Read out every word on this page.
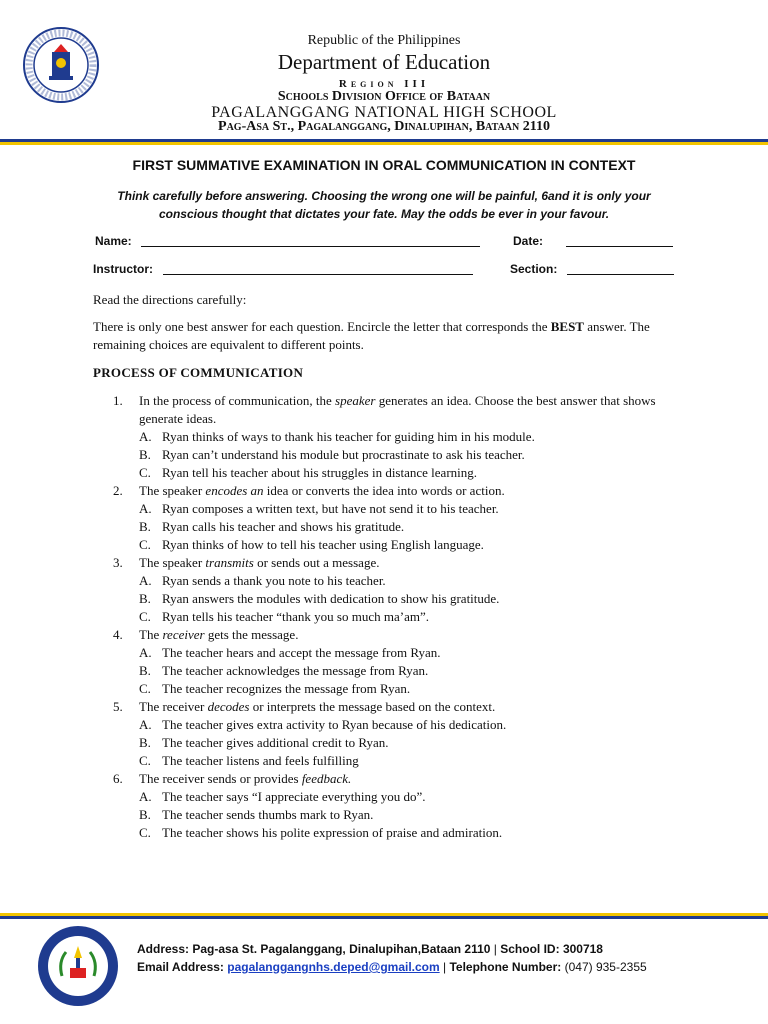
Republic of the Philippines
Department of Education
Region III
Schools Division Office of Bataan
PAGALANGGANG NATIONAL HIGH SCHOOL
Pag-Asa St., Pagalanggang, Dinalupihan, Bataan 2110
FIRST SUMMATIVE EXAMINATION IN ORAL COMMUNICATION IN CONTEXT
Think carefully before answering. Choosing the wrong one will be painful, 6and it is only your conscious thought that dictates your fate. May the odds be ever in your favour.
Name:	Date:
Instructor:	Section:
Read the directions carefully:
There is only one best answer for each question. Encircle the letter that corresponds the BEST answer. The remaining choices are equivalent to different points.
PROCESS OF COMMUNICATION
1.	In the process of communication, the speaker generates an idea. Choose the best answer that shows generate ideas.
A. Ryan thinks of ways to thank his teacher for guiding him in his module.
B. Ryan can’t understand his module but procrastinate to ask his teacher.
C. Ryan tell his teacher about his struggles in distance learning.
2.	The speaker encodes an idea or converts the idea into words or action.
A. Ryan composes a written text, but have not send it to his teacher.
B. Ryan calls his teacher and shows his gratitude.
C. Ryan thinks of how to tell his teacher using English language.
3.	The speaker transmits or sends out a message.
A. Ryan sends a thank you note to his teacher.
B. Ryan answers the modules with dedication to show his gratitude.
C. Ryan tells his teacher “thank you so much ma’am”.
4.	The receiver gets the message.
A. The teacher hears and accept the message from Ryan.
B. The teacher acknowledges the message from Ryan.
C. The teacher recognizes the message from Ryan.
5.	The receiver decodes or interprets the message based on the context.
A. The teacher gives extra activity to Ryan because of his dedication.
B. The teacher gives additional credit to Ryan.
C. The teacher listens and feels fulfilling
6.	The receiver sends or provides feedback.
A. The teacher says “I appreciate everything you do”.
B. The teacher sends thumbs mark to Ryan.
C. The teacher shows his polite expression of praise and admiration.
Address: Pag-asa St. Pagalanggang, Dinalupihan,Bataan 2110 | School ID: 300718
Email Address: pagalanggangnhs.deped@gmail.com | Telephone Number: (047) 935-2355
